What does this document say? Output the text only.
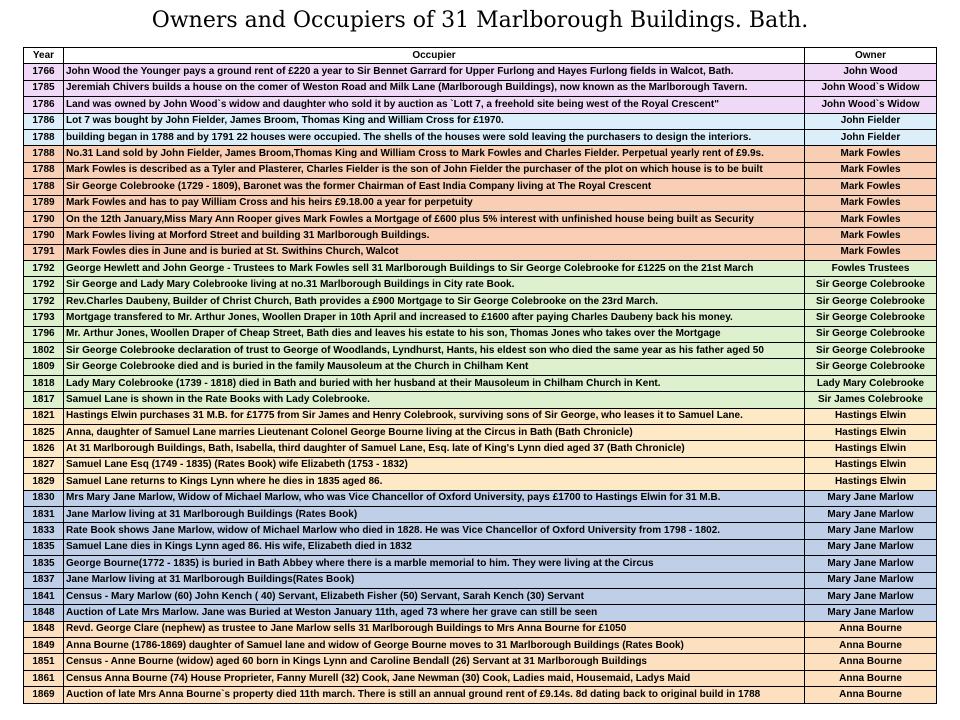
Owners and Occupiers of 31 Marlborough Buildings. Bath.
Year	Occupier	Owner
1766	John Wood the Younger pays a ground rent of £220 a year to Sir Bennet Garrard for Upper Furlong and Hayes Furlong fields in Walcot, Bath.	John Wood
1785	Jeremiah Chivers builds a house on the comer of Weston Road and Milk Lane (Marlborough Buildings), now known as the Marlborough Tavern.	John Wood`s Widow
1786	Land was owned by John Wood`s widow and daughter who sold it by auction as `Lott 7, a freehold site being west of the Royal Crescent"	John Wood`s Widow
1786	Lot 7 was bought by John Fielder, James Broom, Thomas King and William Cross for £1970.	John Fielder
1788	building began in 1788 and by 1791 22 houses were occupied. The shells of the houses were sold leaving the purchasers to design the interiors.	John Fielder
1788	No.31 Land sold by John Fielder, James Broom,Thomas King and William Cross to Mark Fowles and Charles Fielder. Perpetual yearly rent of £9.9s.	Mark Fowles
1788	Mark Fowles is described as a Tyler and Plasterer, Charles Fielder is the son of John Fielder the purchaser of the plot on which house is to be built	Mark Fowles
1788	Sir George Colebrooke (1729 - 1809), Baronet was the former Chairman of East India Company living at The Royal Crescent	Mark Fowles
1789	Mark Fowles and has to pay William Cross and his heirs £9.18.00 a year for perpetuity	Mark Fowles
1790	On the 12th January,Miss Mary Ann Rooper gives Mark Fowles a Mortgage of £600 plus 5% interest with unfinished house being built as Security	Mark Fowles
1790	Mark Fowles living at Morford Street and building 31 Marlborough Buildings.	Mark Fowles
1791	Mark Fowles dies in June and is buried at St. Swithins Church, Walcot	Mark Fowles
1792	George Hewlett and John George - Trustees to Mark Fowles sell 31 Marlborough Buildings to Sir George Colebrooke for £1225 on the 21st March	Fowles Trustees
1792	Sir George and Lady Mary Colebrooke living at no.31 Marlborough Buildings in City rate Book.	Sir George Colebrooke
1792	Rev.Charles Daubeny, Builder of Christ Church, Bath provides a £900 Mortgage to Sir George Colebrooke on the 23rd March.	Sir George Colebrooke
1793	Mortgage transfered to Mr. Arthur Jones, Woollen Draper in 10th April and increased to £1600 after paying Charles Daubeny back his money.	Sir George Colebrooke
1796	Mr. Arthur Jones, Woollen Draper of Cheap Street, Bath dies and leaves his estate to his son, Thomas Jones who takes over the Mortgage	Sir George Colebrooke
1802	Sir George Colebrooke declaration of trust to George of Woodlands, Lyndhurst, Hants, his eldest son who died the same year as his father aged 50	Sir George Colebrooke
1809	Sir George Colebrooke died and is buried in the family Mausoleum at the Church in Chilham Kent	Sir George Colebrooke
1818	Lady Mary Colebrooke (1739 - 1818) died in Bath and buried with her husband at their Mausoleum in Chilham Church in Kent.	Lady Mary Colebrooke
1817	Samuel Lane is shown in the Rate Books with Lady Colebrooke.	Sir James Colebrooke
1821	Hastings Elwin purchases 31 M.B. for £1775 from Sir James and Henry Colebrook, surviving sons of Sir George, who leases it to Samuel Lane.	Hastings Elwin
1825	Anna, daughter of Samuel Lane marries Lieutenant Colonel George Bourne living at the Circus in Bath (Bath Chronicle)	Hastings Elwin
1826	At 31 Marlborough Buildings, Bath, Isabella, third daughter of Samuel Lane, Esq. late of King's Lynn died aged 37 (Bath Chronicle)	Hastings Elwin
1827	Samuel Lane Esq (1749 - 1835) (Rates Book) wife Elizabeth (1753 - 1832)	Hastings Elwin
1829	Samuel Lane returns to Kings Lynn where he dies in 1835 aged 86.	Hastings Elwin
1830	Mrs Mary Jane Marlow, Widow of Michael Marlow, who was Vice Chancellor of Oxford University, pays £1700 to Hastings Elwin for 31 M.B.	Mary Jane Marlow
1831	Jane Marlow living at 31 Marlborough Buildings (Rates Book)	Mary Jane Marlow
1833	Rate Book shows Jane Marlow, widow of Michael Marlow who died in 1828. He was Vice Chancellor of Oxford University from 1798 - 1802.	Mary Jane Marlow
1835	Samuel Lane dies in Kings Lynn aged 86. His wife, Elizabeth died in 1832	Mary Jane Marlow
1835	George Bourne(1772 - 1835) is buried in Bath Abbey where there is a marble memorial to him. They were living at the Circus	Mary Jane Marlow
1837	Jane Marlow living at 31 Marlborough Buildings(Rates Book)	Mary Jane Marlow
1841	Census - Mary Marlow (60) John Kench ( 40) Servant, Elizabeth Fisher (50) Servant, Sarah Kench (30) Servant	Mary Jane Marlow
1848	Auction of Late Mrs Marlow. Jane was Buried at Weston January 11th, aged 73 where her grave can still be seen	Mary Jane Marlow
1848	Revd. George Clare (nephew) as trustee to Jane Marlow sells 31 Marlborough Buildings to Mrs Anna Bourne for £1050	Anna Bourne
1849	Anna Bourne (1786-1869) daughter of Samuel lane and widow of George Bourne moves to 31 Marlborough Buildings (Rates Book)	Anna Bourne
1851	Census - Anne Bourne (widow) aged 60 born in Kings Lynn and Caroline Bendall (26) Servant at 31 Marlborough Buildings	Anna Bourne
1861	Census Anna Bourne (74) House Proprieter, Fanny Murell (32) Cook, Jane Newman (30) Cook, Ladies maid, Housemaid, Ladys Maid	Anna Bourne
1869	Auction of late Mrs Anna Bourne`s property died 11th march. There is still an annual ground rent of £9.14s. 8d dating back to original build in 1788	Anna Bourne
